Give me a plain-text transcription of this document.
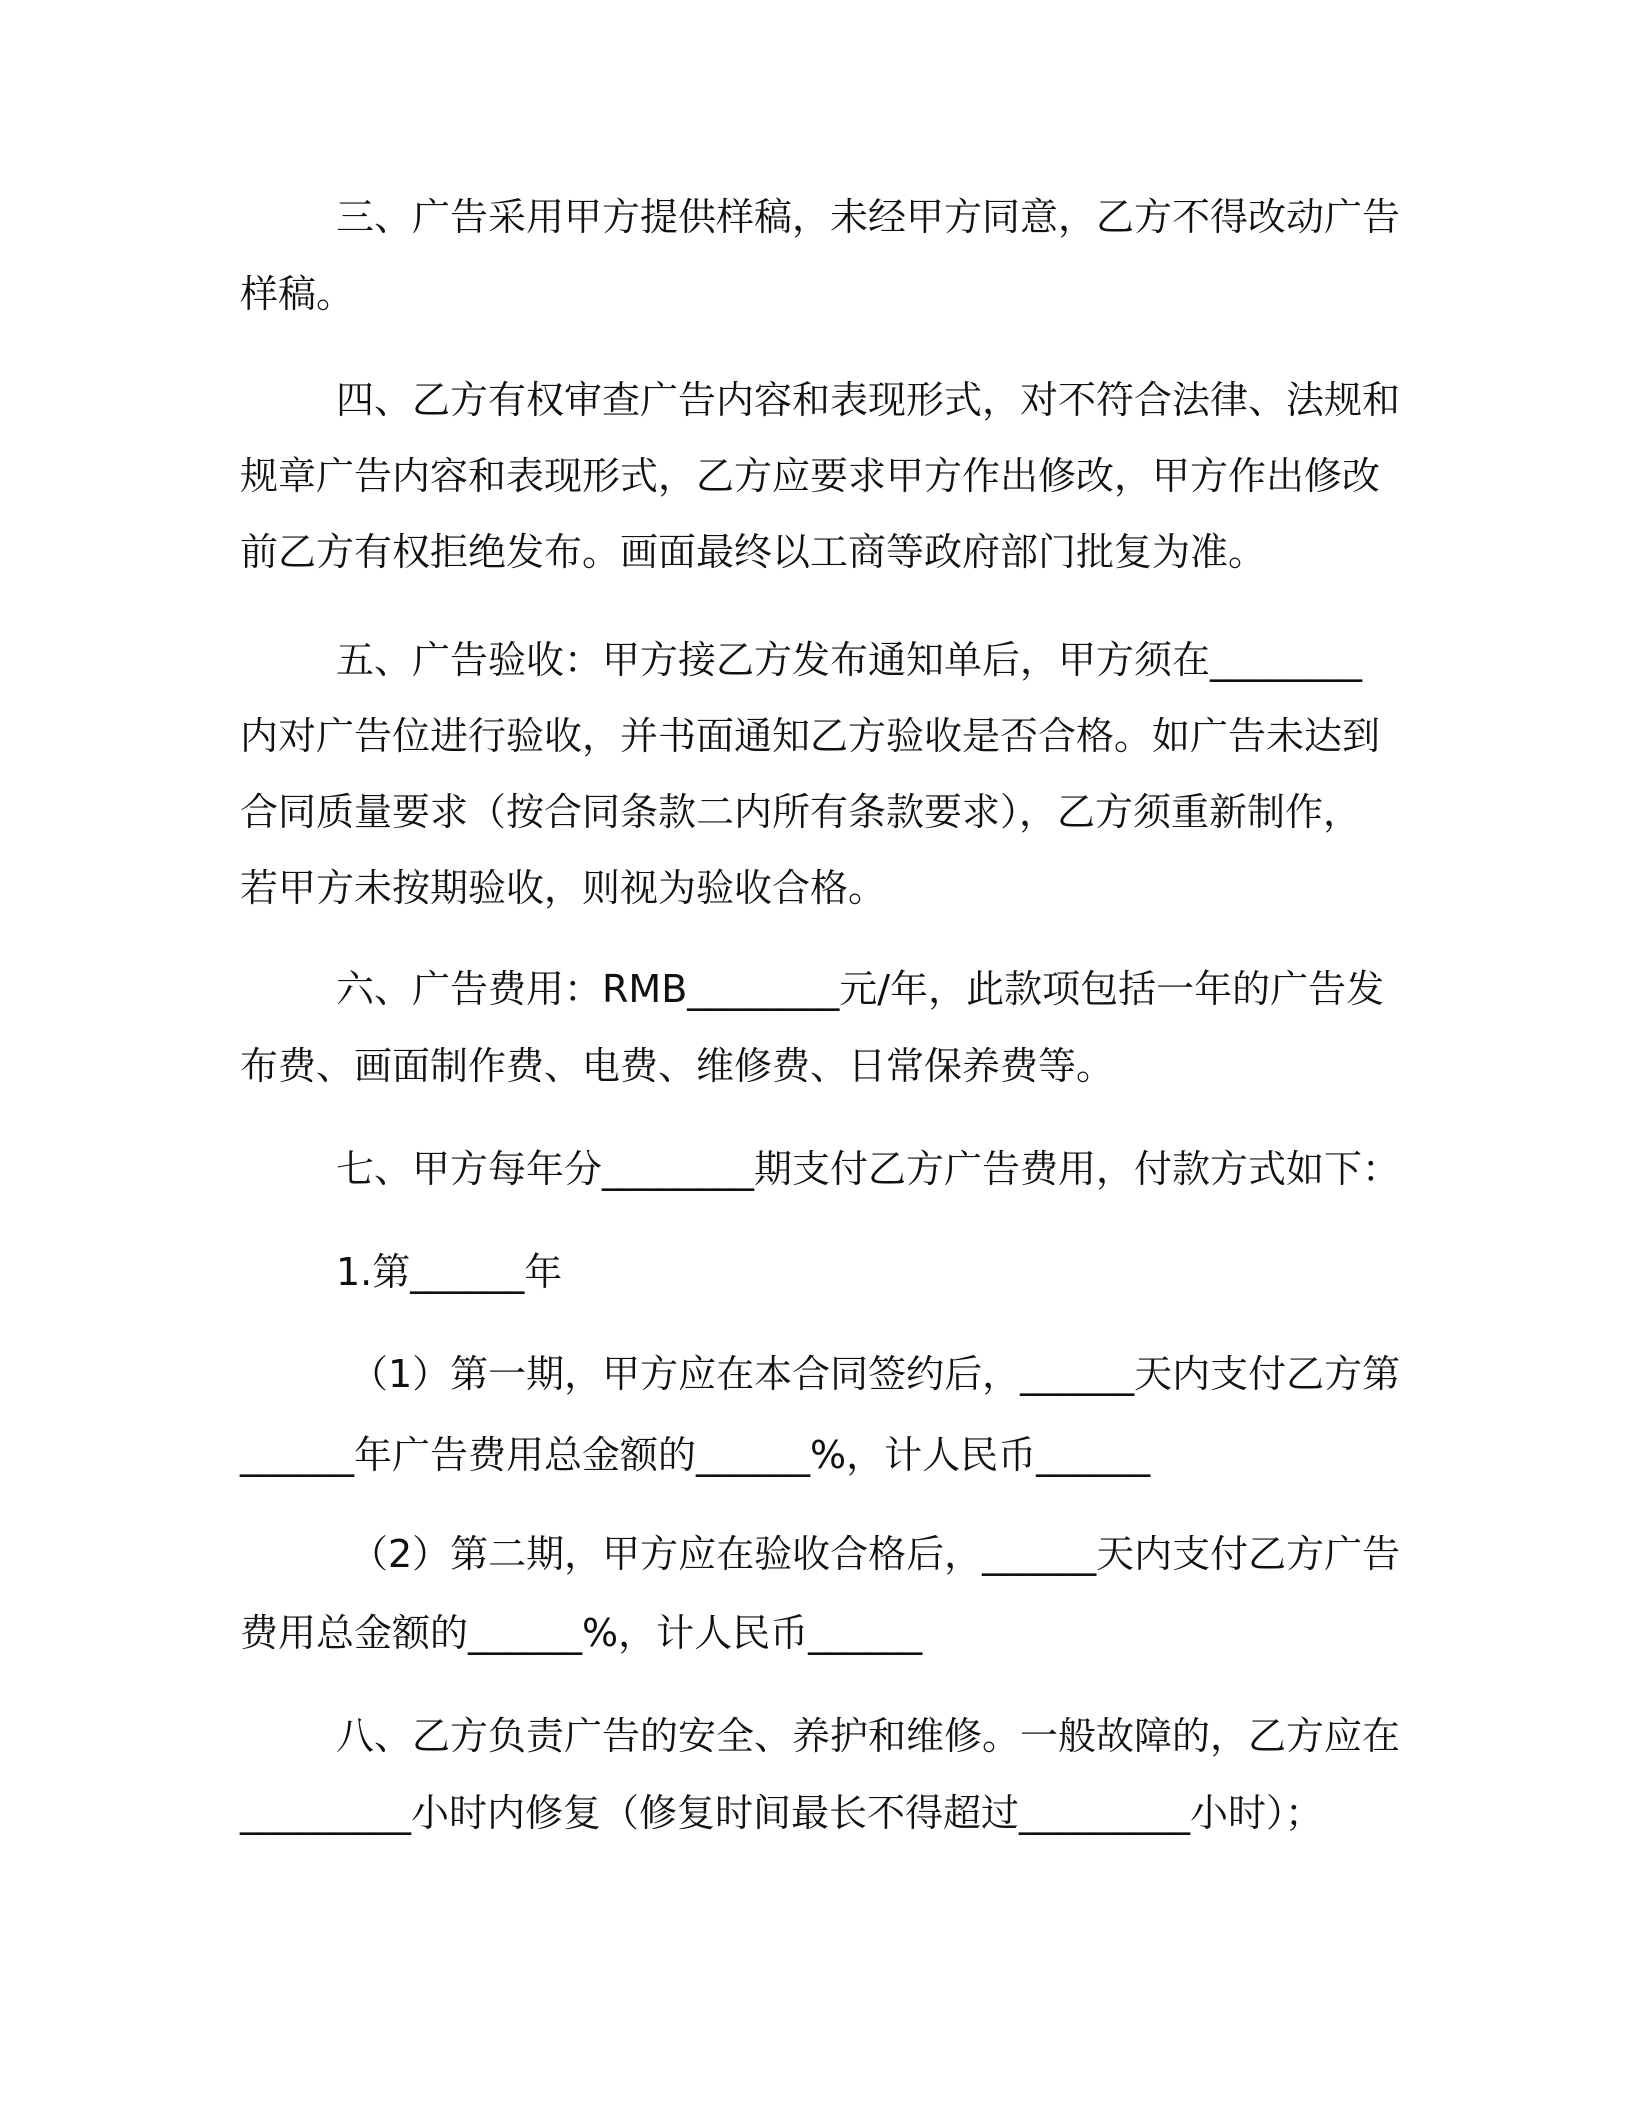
三、广告采用甲方提供样稿，未经甲方同意，乙方不得改动广告
样稿。
四、乙方有权审查广告内容和表现形式，对不符合法律、法规和
规章广告内容和表现形式，乙方应要求甲方作出修改，甲方作出修改
前乙方有权拒绝发布。画面最终以工商等政府部门批复为准。
五、广告验收：甲方接乙方发布通知单后，甲方须在________
内对广告位进行验收，并书面通知乙方验收是否合格。如广告未达到
合同质量要求（按合同条款二内所有条款要求），乙方须重新制作，
若甲方未按期验收，则视为验收合格。
六、广告费用：RMB________元/年，此款项包括一年的广告发
布费、画面制作费、电费、维修费、日常保养费等。
七、甲方每年分________期支付乙方广告费用，付款方式如下：
1.第______年
（1）第一期，甲方应在本合同签约后，______天内支付乙方第
______年广告费用总金额的______%，计人民币______
（2）第二期，甲方应在验收合格后，______天内支付乙方广告
费用总金额的______%，计人民币______
八、乙方负责广告的安全、养护和维修。一般故障的，乙方应在
_________小时内修复（修复时间最长不得超过_________小时）；
